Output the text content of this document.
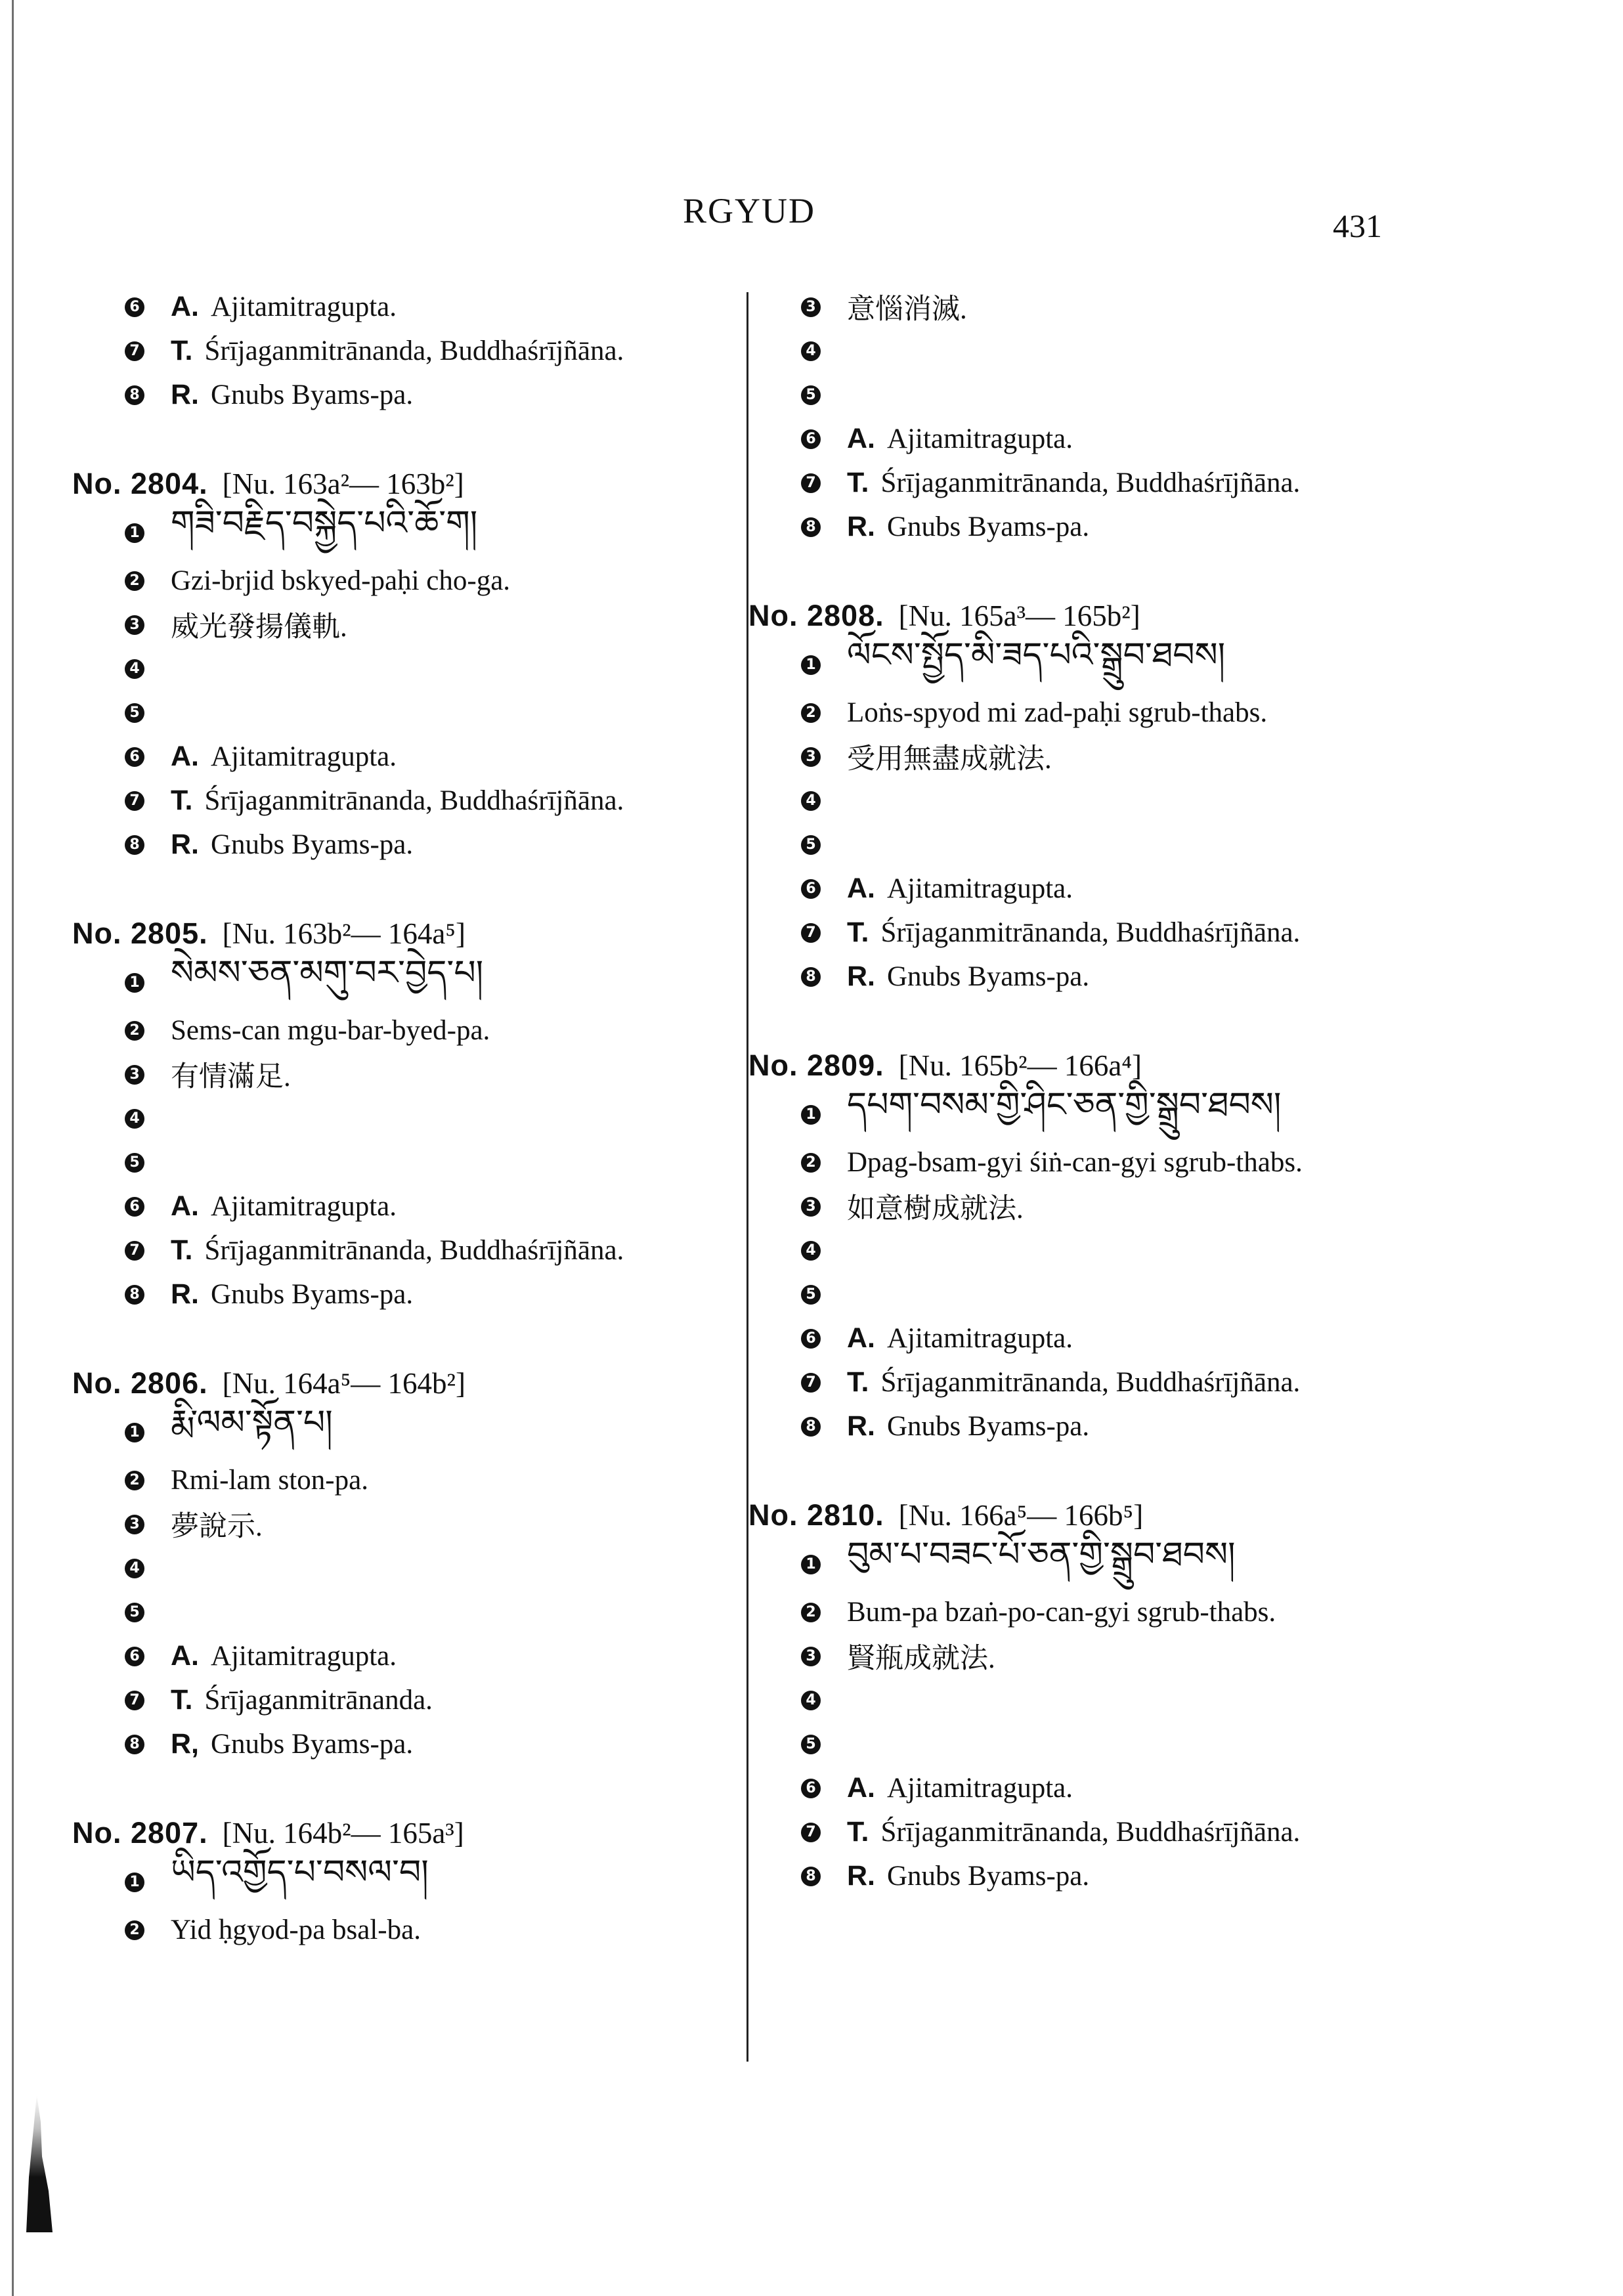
RGYUD	431
6 A. Ajitamitragupta.
7 T. Śrījaganmitrānanda, Buddhaśrījñāna.
8 R. Gnubs Byams-pa.
No. 2804. [Nu. 163a²— 163b²]
1 གཟི་བརྗིད་བསྐྱེད་པའི་ཆོ་ག།
2 Gzi-brjid bskyed-paḥi cho-ga.
3 威光發揚儀軌.
4
5
6 A. Ajitamitragupta.
7 T. Śrījaganmitrānanda, Buddhaśrījñāna.
8 R. Gnubs Byams-pa.
No. 2805. [Nu. 163b²— 164a⁵]
1 སེམས་ཅན་མགུ་བར་བྱེད་པ།
2 Sems-can mgu-bar-byed-pa.
3 有情滿足.
4
5
6 A. Ajitamitragupta.
7 T. Śrījaganmitrānanda, Buddhaśrījñāna.
8 R. Gnubs Byams-pa.
No. 2806. [Nu. 164a⁵— 164b²]
1 རྨི་ལམ་སྟོན་པ།
2 Rmi-lam ston-pa.
3 夢說示.
4
5
6 A. Ajitamitragupta.
7 T. Śrījaganmitrānanda.
8 R, Gnubs Byams-pa.
No. 2807. [Nu. 164b²— 165a³]
1 ཡིད་འགྱོད་པ་བསལ་བ།
2 Yid ḥgyod-pa bsal-ba.
3 意惱消滅.
4
5
6 A. Ajitamitragupta.
7 T. Śrījaganmitrānanda, Buddhaśrījñāna.
8 R. Gnubs Byams-pa.
No. 2808. [Nu. 165a³— 165b²]
1 ལོངས་སྤྱོད་མི་ཟད་པའི་སྒྲུབ་ཐབས།
2 Loṅs-spyod mi zad-paḥi sgrub-thabs.
3 受用無盡成就法.
4
5
6 A. Ajitamitragupta.
7 T. Śrījaganmitrānanda, Buddhaśrījñāna.
8 R. Gnubs Byams-pa.
No. 2809. [Nu. 165b²— 166a⁴]
1 དཔག་བསམ་གྱི་ཤིང་ཅན་གྱི་སྒྲུབ་ཐབས།
2 Dpag-bsam-gyi śiṅ-can-gyi sgrub-thabs.
3 如意樹成就法.
4
5
6 A. Ajitamitragupta.
7 T. Śrījaganmitrānanda, Buddhaśrījñāna.
8 R. Gnubs Byams-pa.
No. 2810. [Nu. 166a⁵— 166b⁵]
1 བུམ་པ་བཟང་པོ་ཅན་གྱི་སྒྲུབ་ཐབས།
2 Bum-pa bzaṅ-po-can-gyi sgrub-thabs.
3 賢瓶成就法.
4
5
6 A. Ajitamitragupta.
7 T. Śrījaganmitrānanda, Buddhaśrījñāna.
8 R. Gnubs Byams-pa.
